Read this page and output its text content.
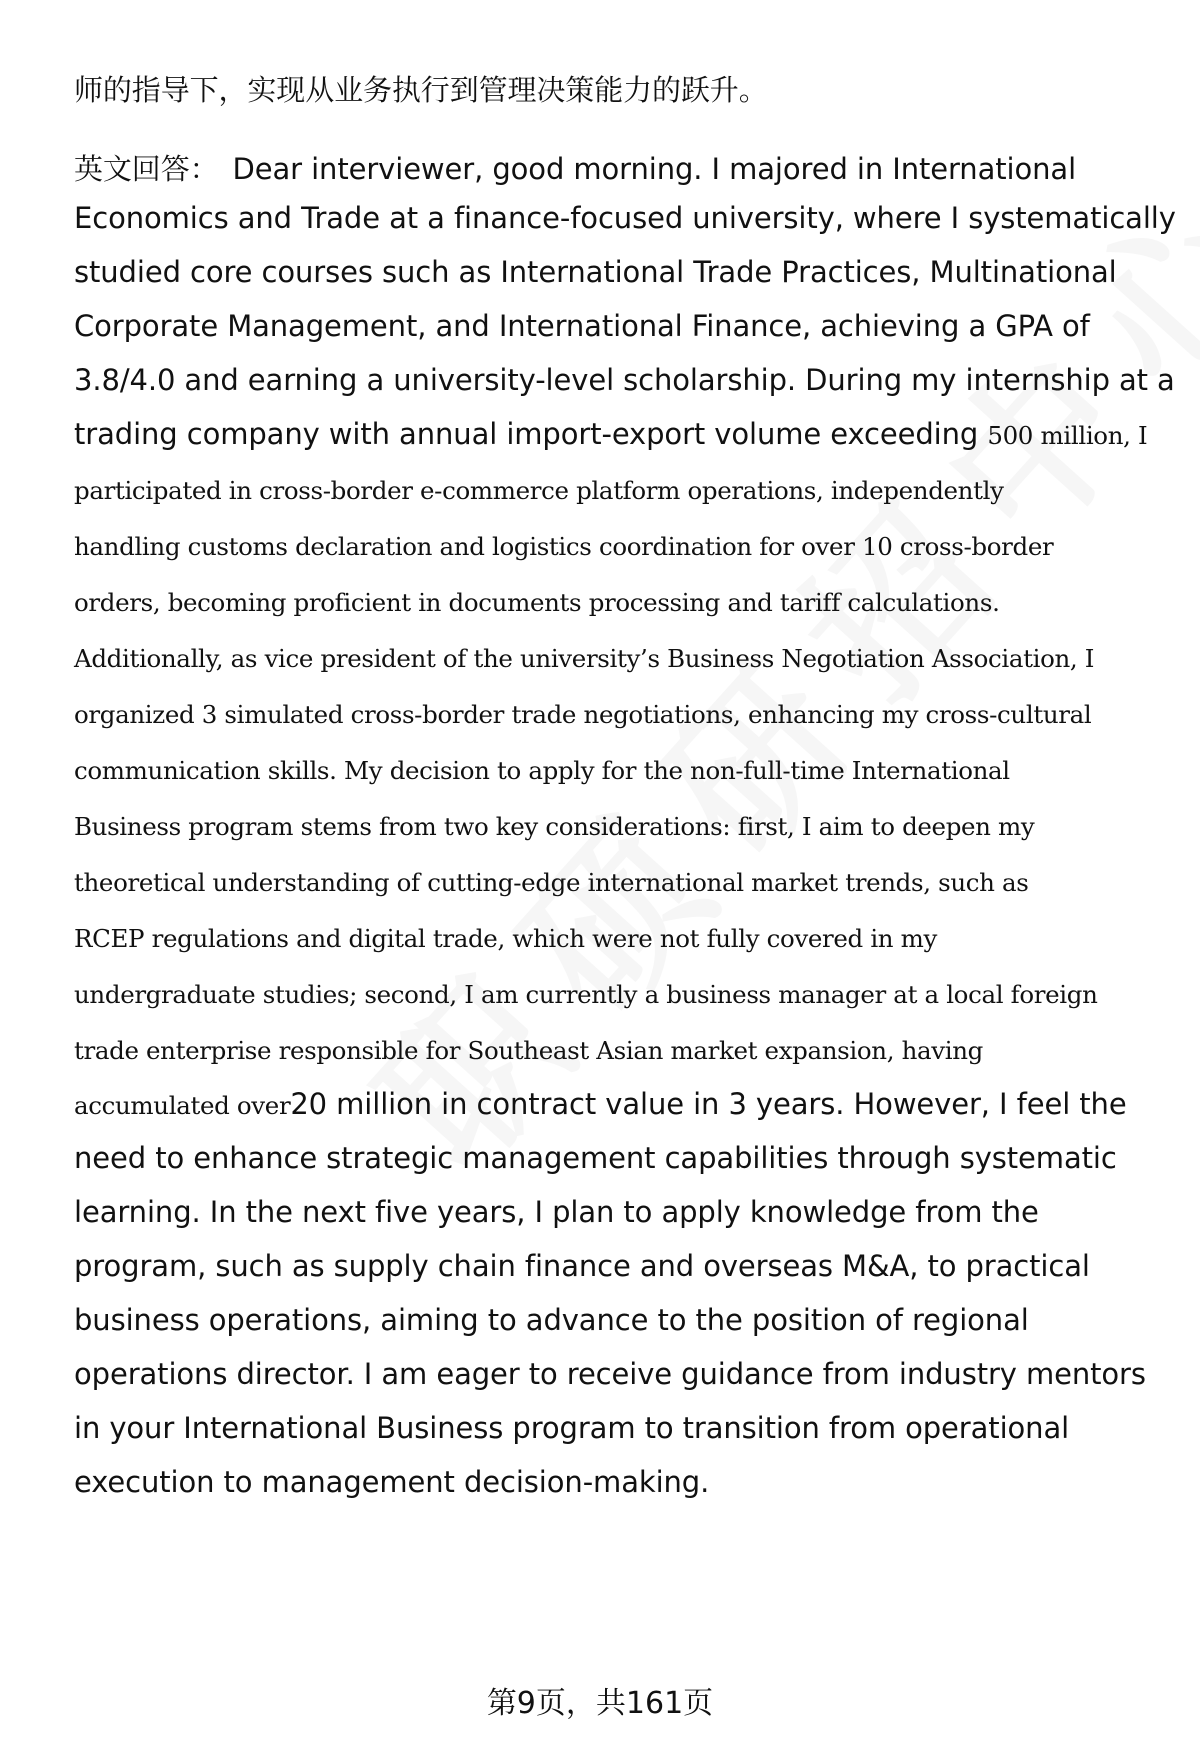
师的指导下，实现从业务执行到管理决策能力的跃升。
英文回答： Dear interviewer, good morning. I majored in International
Economics and Trade at a finance-focused university, where I systematically
studied core courses such as International Trade Practices, Multinational
Corporate Management, and International Finance, achieving a GPA of
3.8/4.0 and earning a university-level scholarship. During my internship at a
trading company with annual import-export volume exceeding 500 million, I
participated in cross-border e-commerce platform operations, independently
handling customs declaration and logistics coordination for over 10 cross-border
orders, becoming proficient in documents processing and tariff calculations.
Additionally, as vice president of the university’s Business Negotiation Association, I
organized 3 simulated cross-border trade negotiations, enhancing my cross-cultural
communication skills. My decision to apply for the non-full-time International
Business program stems from two key considerations: first, I aim to deepen my
theoretical understanding of cutting-edge international market trends, such as
RCEP regulations and digital trade, which were not fully covered in my
undergraduate studies; second, I am currently a business manager at a local foreign
trade enterprise responsible for Southeast Asian market expansion, having
accumulated over20 million in contract value in 3 years. However, I feel the
need to enhance strategic management capabilities through systematic
learning. In the next five years, I plan to apply knowledge from the
program, such as supply chain finance and overseas M&A, to practical
business operations, aiming to advance to the position of regional
operations director. I am eager to receive guidance from industry mentors
in your International Business program to transition from operational
execution to management decision-making.
第9页，共161页
